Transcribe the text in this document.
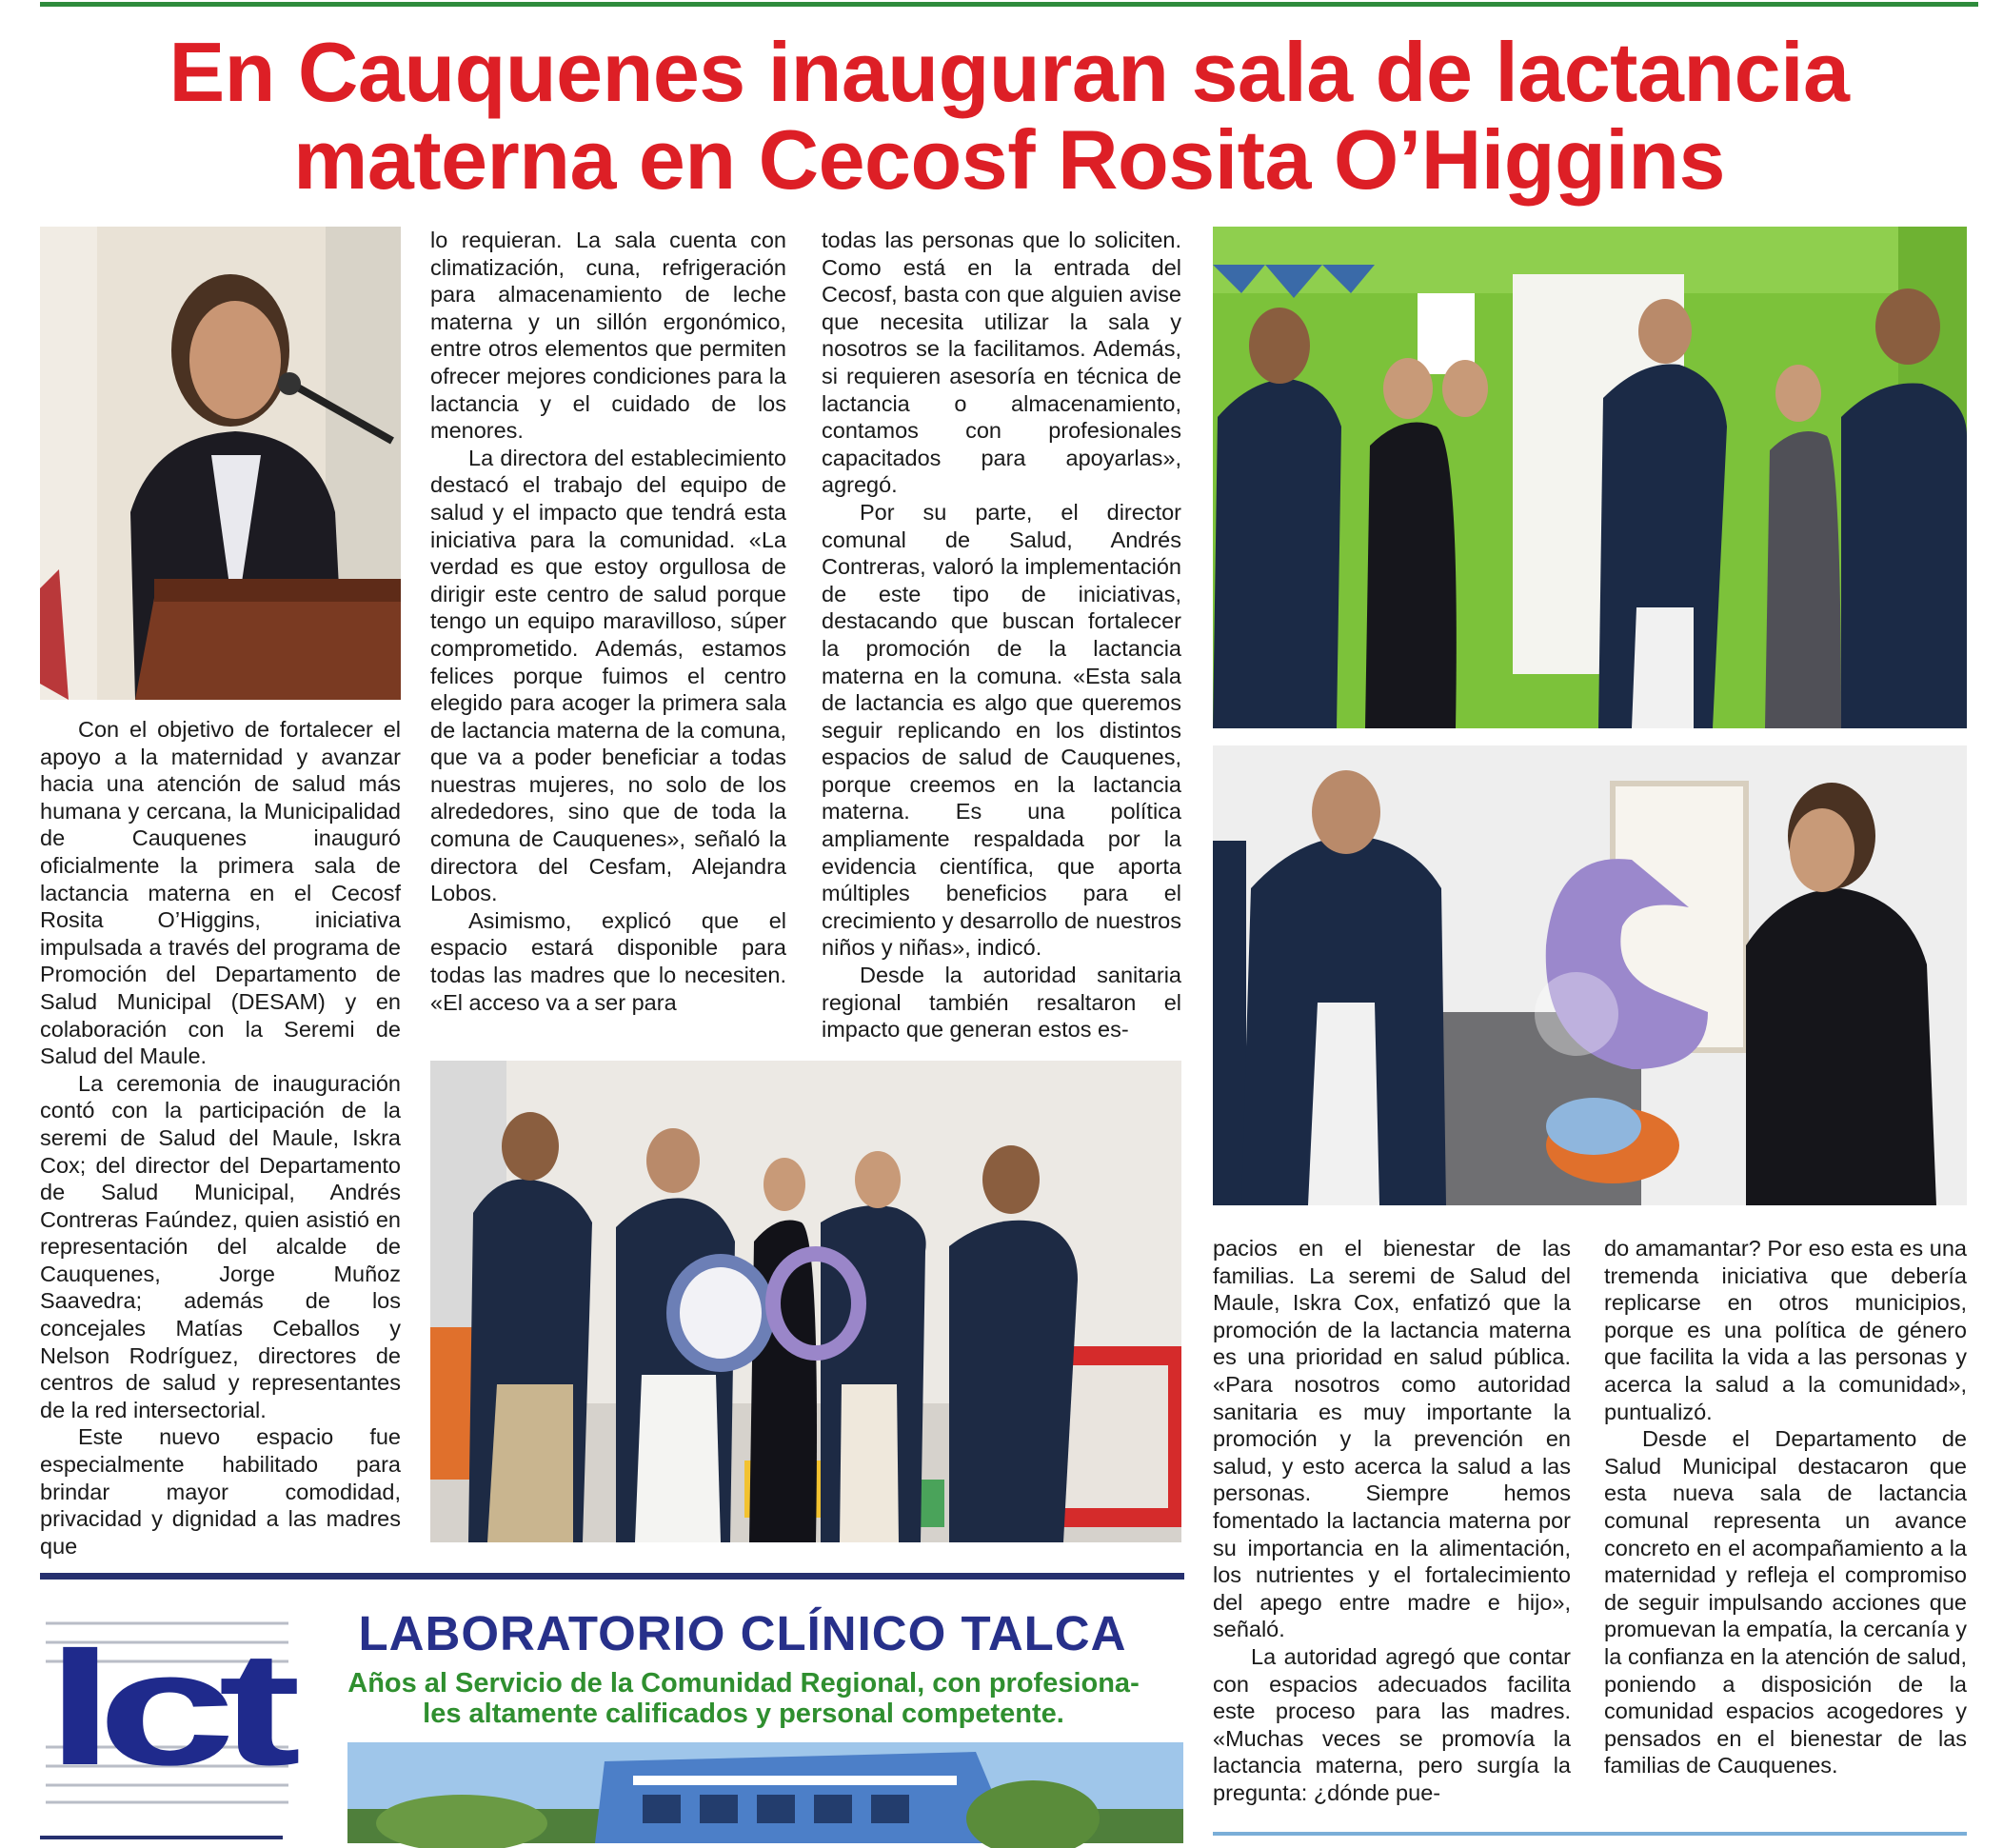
En Cauquenes inauguran sala de lactancia
materna en Cecosf Rosita O’Higgins

Con el objetivo de fortalecer el apoyo a la maternidad y avanzar hacia una atención de salud más humana y cercana, la Municipalidad de Cauquenes inauguró oficialmente la primera sala de lactancia materna en el Cecosf Rosita O’Higgins, iniciativa impulsada a través del programa de Promoción del Departamento de Salud Municipal (DESAM) y en colaboración con la Seremi de Salud del Maule.

La ceremonia de inauguración contó con la participación de la seremi de Salud del Maule, Iskra Cox; del director del Departamento de Salud Municipal, Andrés Contreras Faúndez, quien asistió en representación del alcalde de Cauquenes, Jorge Muñoz Saavedra; además de los concejales Matías Ceballos y Nelson Rodríguez, directores de centros de salud y representantes de la red intersectorial.

Este nuevo espacio fue especialmente habilitado para brindar mayor comodidad, privacidad y dignidad a las madres que

lo requieran. La sala cuenta con climatización, cuna, refrigeración para almacenamiento de leche materna y un sillón ergonómico, entre otros elementos que permiten ofrecer mejores condiciones para la lactancia y el cuidado de los menores.

La directora del establecimiento destacó el trabajo del equipo de salud y el impacto que tendrá esta iniciativa para la comunidad. «La verdad es que estoy orgullosa de dirigir este centro de salud porque tengo un equipo maravilloso, súper comprometido. Además, estamos felices porque fuimos el centro elegido para acoger la primera sala de lactancia materna de la comuna, que va a poder beneficiar a todas nuestras mujeres, no solo de los alrededores, sino que de toda la comuna de Cauquenes», señaló la directora del Cesfam, Alejandra Lobos.

Asimismo, explicó que el espacio estará disponible para todas las madres que lo necesiten. «El acceso va a ser para

todas las personas que lo soliciten. Como está en la entrada del Cecosf, basta con que alguien avise que necesita utilizar la sala y nosotros se la facilitamos. Además, si requieren asesoría en técnica de lactancia o almacenamiento, contamos con profesionales capacitados para apoyarlas», agregó.

Por su parte, el director comunal de Salud, Andrés Contreras, valoró la implementación de este tipo de iniciativas, destacando que buscan fortalecer la promoción de la lactancia materna en la comuna. «Esta sala de lactancia es algo que queremos seguir replicando en los distintos espacios de salud de Cauquenes, porque creemos en la lactancia materna. Es una política ampliamente respaldada por la evidencia científica, que aporta múltiples beneficios para el crecimiento y desarrollo de nuestros niños y niñas», indicó.

Desde la autoridad sanitaria regional también resaltaron el impacto que generan estos es-

pacios en el bienestar de las familias. La seremi de Salud del Maule, Iskra Cox, enfatizó que la promoción de la lactancia materna es una prioridad en salud pública. «Para nosotros como autoridad sanitaria es muy importante la promoción y la prevención en salud, y esto acerca la salud a las personas. Siempre hemos fomentado la lactancia materna por su importancia en la alimentación, los nutrientes y el fortalecimiento del apego entre madre e hijo», señaló.

La autoridad agregó que contar con espacios adecuados facilita este proceso para las madres. «Muchas veces se promovía la lactancia materna, pero surgía la pregunta: ¿dónde pue-

do amamantar? Por eso esta es una tremenda iniciativa que debería replicarse en otros municipios, porque es una política de género que facilita la vida a las personas y acerca la salud a la comunidad», puntualizó.

Desde el Departamento de Salud Municipal destacaron que esta nueva sala de lactancia comunal representa un avance concreto en el acompañamiento a la maternidad y refleja el compromiso de seguir impulsando acciones que promuevan la empatía, la cercanía y la confianza en la atención de salud, poniendo a disposición de la comunidad espacios acogedores y pensados en el bienestar de las familias de Cauquenes.

lct	LABORATORIO CLÍNICO TALCA

Años al Servicio de la Comunidad Regional, con profesiona-
les altamente calificados y personal competente.
